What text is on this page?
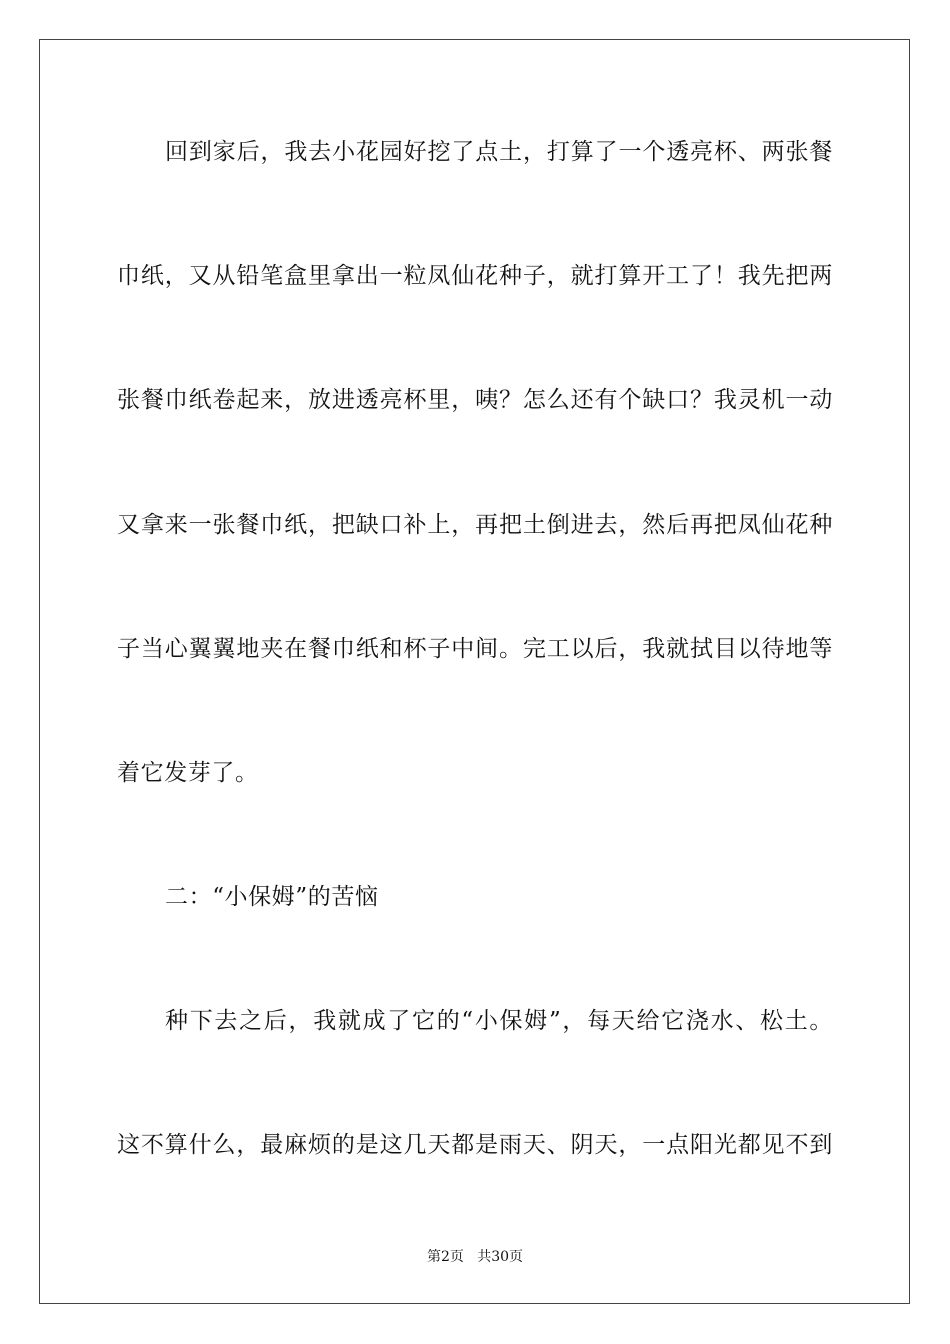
回到家后，我去小花园好挖了点土，打算了一个透亮杯、两张餐
巾纸，又从铅笔盒里拿出一粒凤仙花种子，就打算开工了！我先把两
张餐巾纸卷起来，放进透亮杯里，咦？怎么还有个缺口？我灵机一动
又拿来一张餐巾纸，把缺口补上，再把土倒进去，然后再把凤仙花种
子当心翼翼地夹在餐巾纸和杯子中间。完工以后，我就拭目以待地等
着它发芽了。
二：“小保姆”的苦恼
种下去之后，我就成了它的“小保姆”，每天给它浇水、松土。
这不算什么，最麻烦的是这几天都是雨天、阴天，一点阳光都见不到
第2页   共30页
